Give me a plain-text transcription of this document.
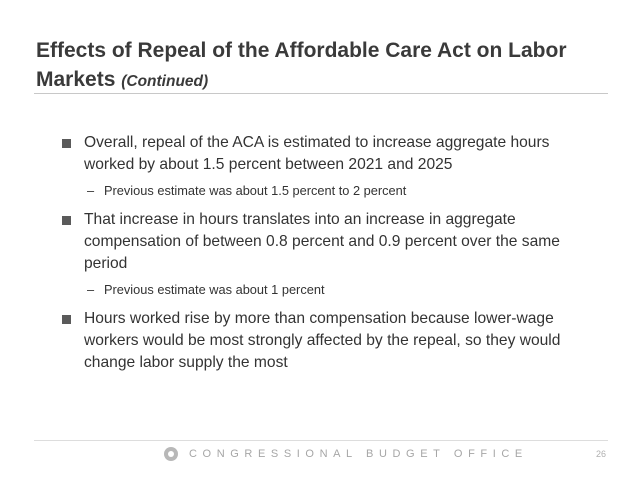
Effects of Repeal of the Affordable Care Act on Labor Markets (Continued)

Overall, repeal of the ACA is estimated to increase aggregate hours worked by about 1.5 percent between 2021 and 2025

– Previous estimate was about 1.5 percent to 2 percent

That increase in hours translates into an increase in aggregate compensation of between 0.8 percent and 0.9 percent over the same period

– Previous estimate was about 1 percent

Hours worked rise by more than compensation because lower-wage workers would be most strongly affected by the repeal, so they would change labor supply the most

CONGRESSIONAL BUDGET OFFICE	26
